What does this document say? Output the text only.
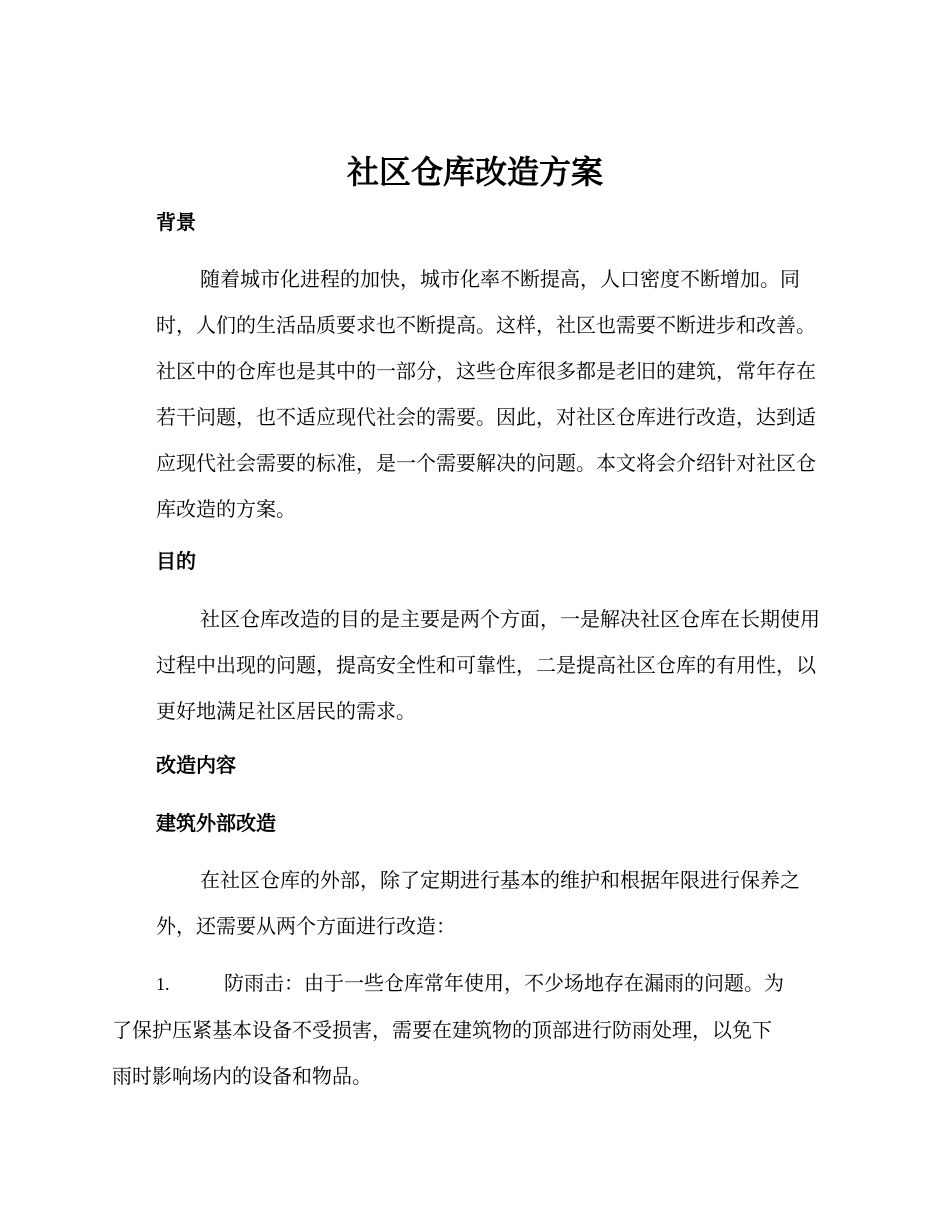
社区仓库改造方案
背景
随着城市化进程的加快，城市化率不断提高，人口密度不断增加。同
时，人们的生活品质要求也不断提高。这样，社区也需要不断进步和改善。
社区中的仓库也是其中的一部分，这些仓库很多都是老旧的建筑，常年存在
若干问题，也不适应现代社会的需要。因此，对社区仓库进行改造，达到适
应现代社会需要的标准，是一个需要解决的问题。本文将会介绍针对社区仓
库改造的方案。
目的
社区仓库改造的目的是主要是两个方面，一是解决社区仓库在长期使用
过程中出现的问题，提高安全性和可靠性，二是提高社区仓库的有用性，以
更好地满足社区居民的需求。
改造内容
建筑外部改造
在社区仓库的外部，除了定期进行基本的维护和根据年限进行保养之
外，还需要从两个方面进行改造：
1.	防雨击：由于一些仓库常年使用，不少场地存在漏雨的问题。为
了保护压紧基本设备不受损害，需要在建筑物的顶部进行防雨处理，以免下
雨时影响场内的设备和物品。
